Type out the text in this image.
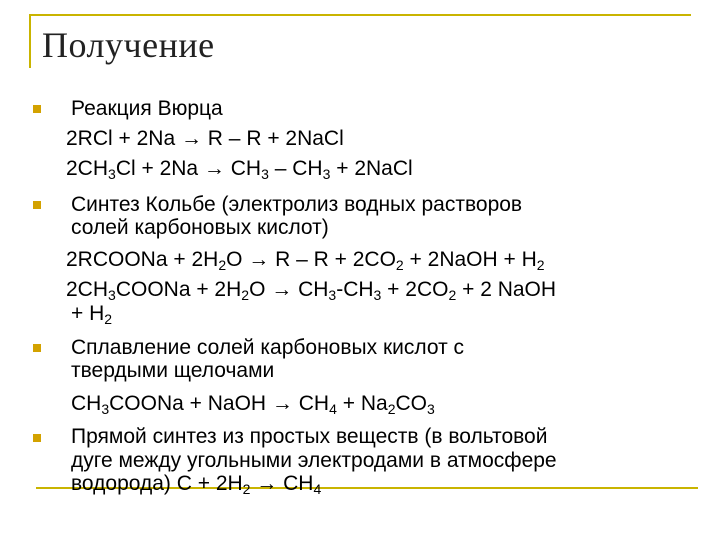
Получение
Реакция Вюрца
2RCl + 2Na → R – R + 2NaCl
$2CH_3Cl + 2Na \to CH_3 - CH_3$ + 2NaCl
Синтез Кольбе (электролиз водных растворов
солей карбоновых кислот)
2RCOONa + $2H_2O \to R - R + 2CO_2$ + 2NaOH + $H_2$
$2CH_3COONa + 2H_2O \to CH_3-CH_3 + 2CO_2 + 2$ NaOH
+ $H_2$
Сплавление солей карбоновых кислот с
твердыми щелочами
$CH_3COONa$ + NaOH → $CH_4 + Na_2CO_3$
Прямой синтез из простых веществ (в вольтовой
дуге между угольными электродами в атмосфере
водорода) $C + 2H_2 \to CH_4$
